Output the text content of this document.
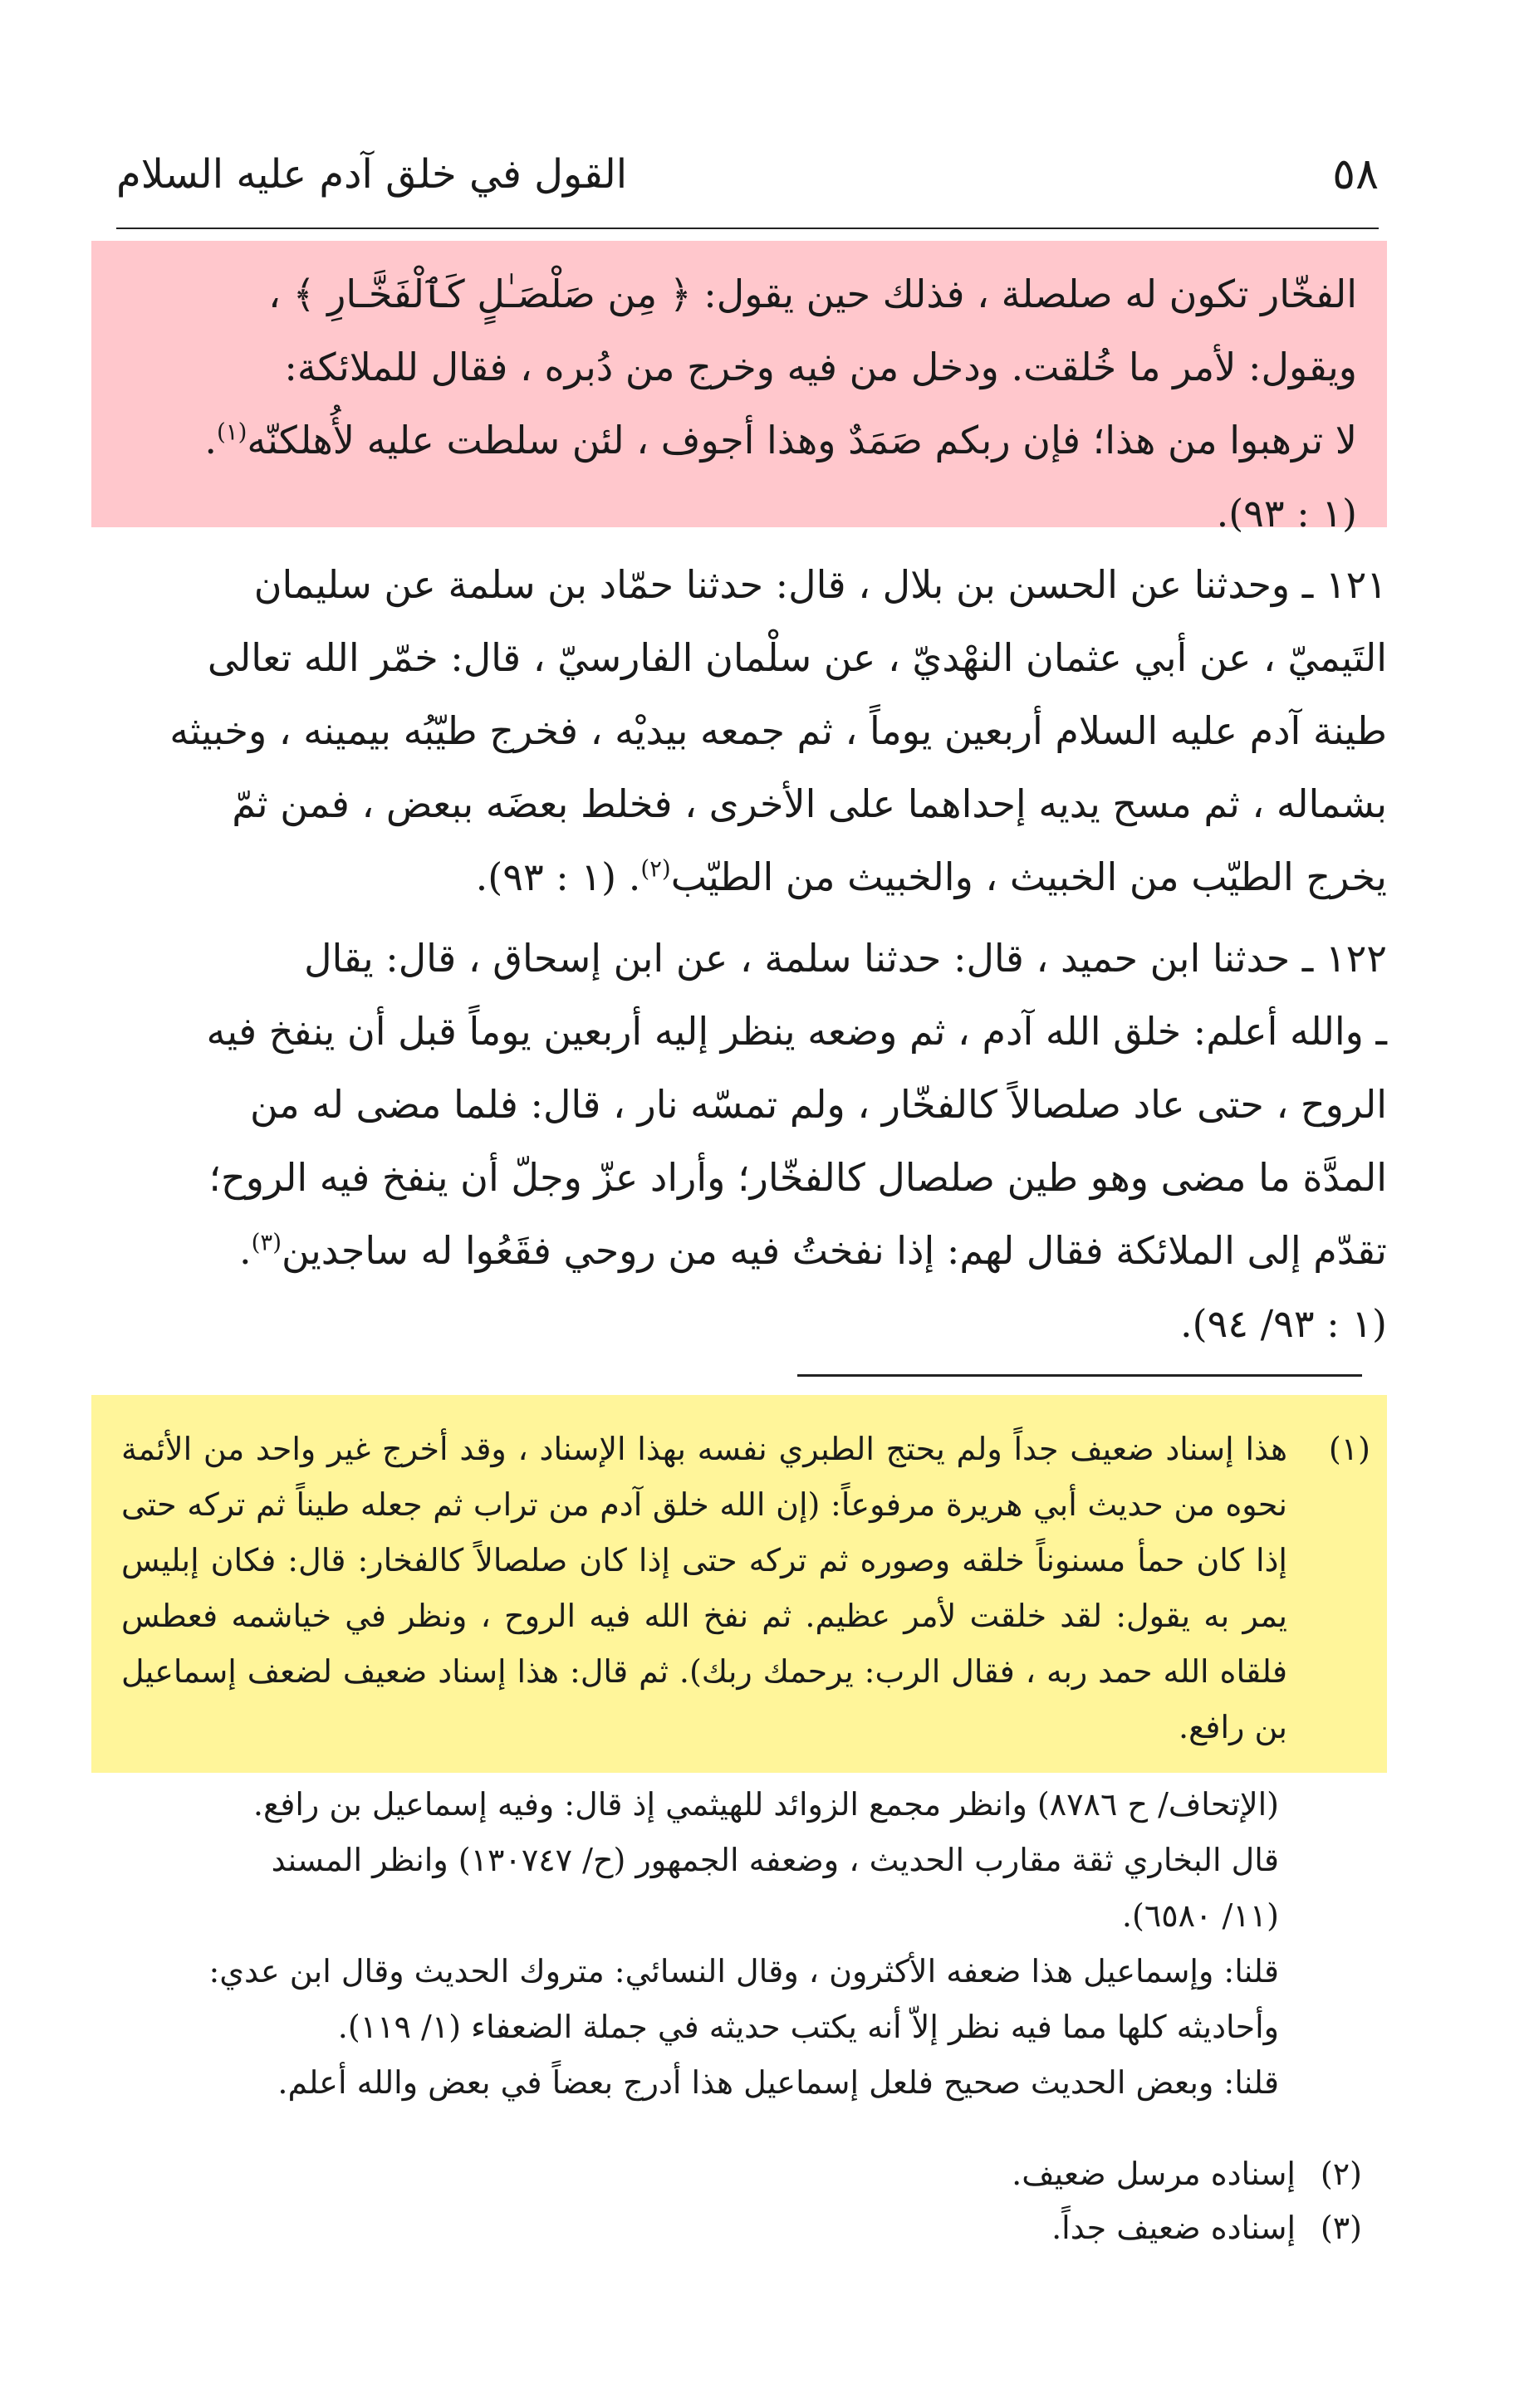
٥٨
القول في خلق آدم عليه السلام

الفخّار تكون له صلصلة ، فذلك حين يقول: ﴿ مِن صَلْصَـٰلٍ كَٱلْفَخَّـارِ ﴾ ،

ويقول: لأمر ما خُلقت. ودخل من فيه وخرج من دُبره ، فقال للملائكة:

لا ترهبوا من هذا؛ فإن ربكم صَمَدٌ وهذا أجوف ، لئن سلطت عليه لأُهلكنّه$^{(١)}$.

(١ : ٩٣).

١٢١ ـ وحدثنا عن الحسن بن بلال ، قال: حدثنا حمّاد بن سلمة عن سليمان

التَيميّ ، عن أبي عثمان النهْديّ ، عن سلْمان الفارسيّ ، قال: خمّر الله تعالى

طينة آدم عليه السلام أربعين يوماً ، ثم جمعه بيديْه ، فخرج طيّبُه بيمينه ، وخبيثه

بشماله ، ثم مسح يديه إحداهما على الأخرى ، فخلط بعضَه ببعض ، فمن ثمّ

يخرج الطيّب من الخبيث ، والخبيث من الطيّب$^{(٢)}$. (١ : ٩٣).

١٢٢ ـ حدثنا ابن حميد ، قال: حدثنا سلمة ، عن ابن إسحاق ، قال: يقال

ـ والله أعلم: خلق الله آدم ، ثم وضعه ينظر إليه أربعين يوماً قبل أن ينفخ فيه

الروح ، حتى عاد صلصالاً كالفخّار ، ولم تمسّه نار ، قال: فلما مضى له من

المدَّة ما مضى وهو طين صلصال كالفخّار؛ وأراد عزّ وجلّ أن ينفخ فيه الروح؛

تقدّم إلى الملائكة فقال لهم: إذا نفختُ فيه من روحي فقَعُوا له ساجدين$^{(٣)}$.

(١ : ٩٣/ ٩٤).

(١)
هذا إسناد ضعيف جداً ولم يحتج الطبري نفسه بهذا الإسناد ، وقد أخرج غير واحد من الأئمة نحوه من حديث أبي هريرة مرفوعاً: (إن الله خلق آدم من تراب ثم جعله طيناً ثم تركه حتى إذا كان حمأ مسنوناً خلقه وصوره ثم تركه حتى إذا كان صلصالاً كالفخار: قال: فكان إبليس يمر به يقول: لقد خلقت لأمر عظيم. ثم نفخ الله فيه الروح ، ونظر في خياشمه فعطس فلقاه الله حمد ربه ، فقال الرب: يرحمك ربك). ثم قال: هذا إسناد ضعيف لضعف إسماعيل بن رافع.

(الإتحاف/ ح ٨٧٨٦) وانظر مجمع الزوائد للهيثمي إذ قال: وفيه إسماعيل بن رافع.

قال البخاري ثقة مقارب الحديث ، وضعفه الجمهور (ح/ ١٣٠٧٤٧) وانظر المسند

(١١/ ٦٥٨٠).

قلنا: وإسماعيل هذا ضعفه الأكثرون ، وقال النسائي: متروك الحديث وقال ابن عدي:

وأحاديثه كلها مما فيه نظر إلاّ أنه يكتب حديثه في جملة الضعفاء (١/ ١١٩).

قلنا: وبعض الحديث صحيح فلعل إسماعيل هذا أدرج بعضاً في بعض والله أعلم.

(٢)
إسناده مرسل ضعيف.
(٣)
إسناده ضعيف جداً.
